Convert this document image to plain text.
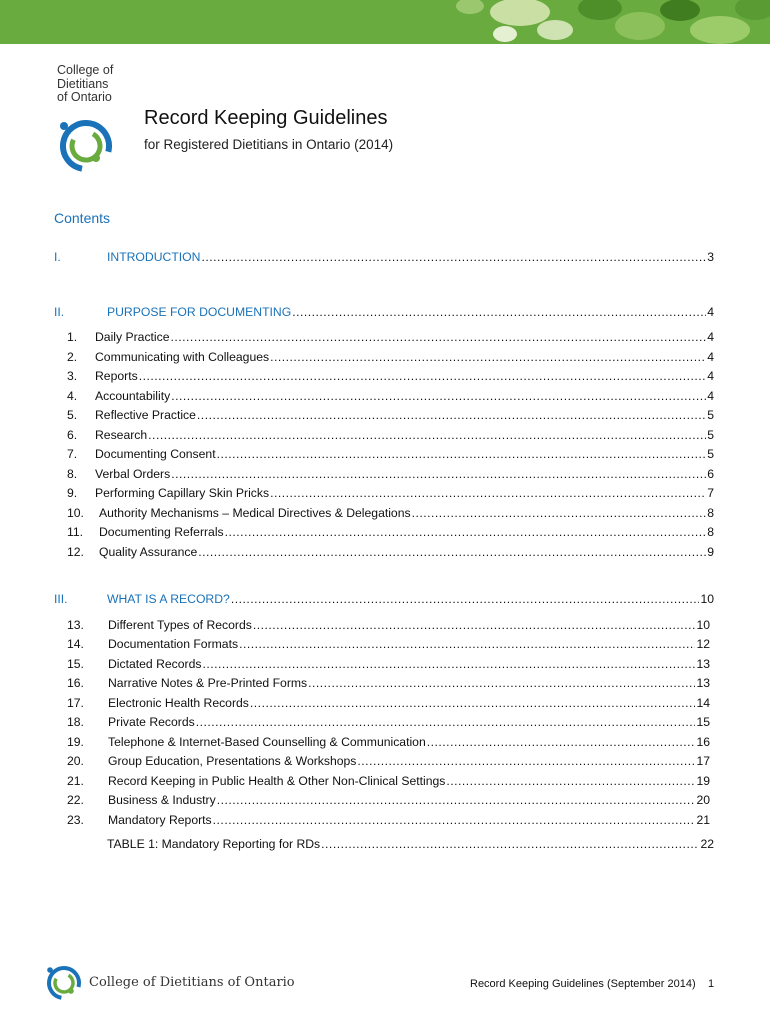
College of
Dietitians
of Ontario
Record Keeping Guidelines
for Registered Dietitians in Ontario (2014)
Contents
I.	INTRODUCTION .....	3
II.	PURPOSE FOR DOCUMENTING .....	4
1. Daily Practice .....	4
2. Communicating with Colleagues .....	4
3. Reports .....	4
4. Accountability .....	4
5. Reflective Practice .....	5
6. Research .....	5
7. Documenting Consent .....	5
8. Verbal Orders .....	6
9. Performing Capillary Skin Pricks .....	7
10. Authority Mechanisms – Medical Directives & Delegations .....	8
11. Documenting Referrals .....	8
12. Quality Assurance .....	9
III.	WHAT IS A RECORD? .....	10
13. Different Types of Records .....	10
14. Documentation Formats .....	12
15. Dictated Records .....	13
16. Narrative Notes & Pre-Printed Forms .....	13
17. Electronic Health Records .....	14
18. Private Records .....	15
19. Telephone & Internet-Based Counselling & Communication .....	16
20. Group Education, Presentations & Workshops .....	17
21. Record Keeping in Public Health & Other Non-Clinical Settings .....	19
22. Business & Industry .....	20
23. Mandatory Reports .....	21
TABLE 1: Mandatory Reporting for RDs .....	22
College of Dietitians of Ontario	Record Keeping Guidelines (September 2014) 1
